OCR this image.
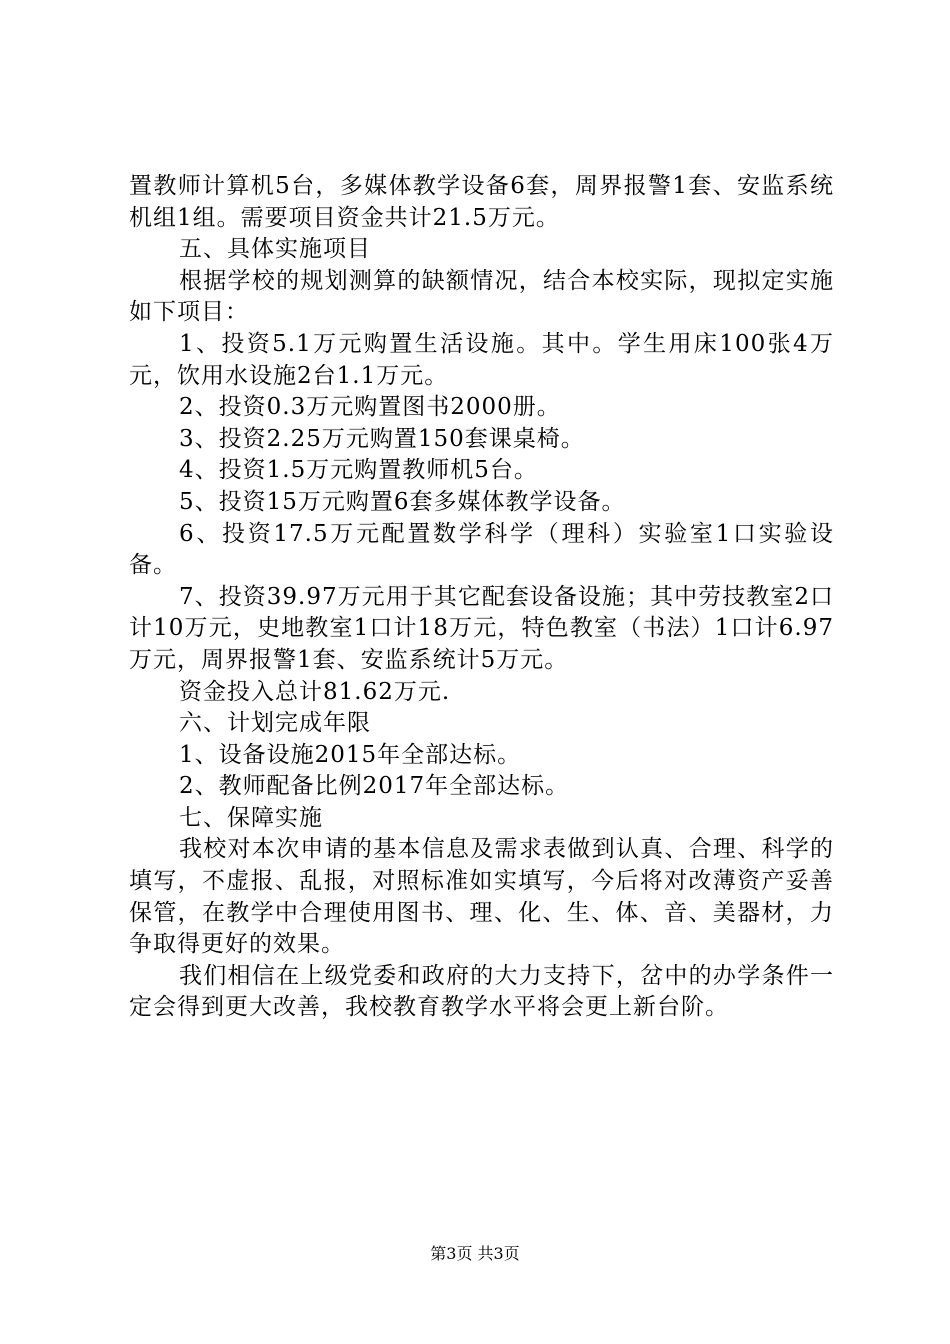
置教师计算机5台，多媒体教学设备6套，周界报警1套、安监系统机组1组。需要项目资金共计21.5万元。

五、具体实施项目

根据学校的规划测算的缺额情况，结合本校实际，现拟定实施如下项目：

1、投资5.1万元购置生活设施。其中。学生用床100张4万元，饮用水设施2台1.1万元。

2、投资0.3万元购置图书2000册。

3、投资2.25万元购置150套课桌椅。

4、投资1.5万元购置教师机5台。

5、投资15万元购置6套多媒体教学设备。

6、投资17.5万元配置数学科学（理科）实验室1口实验设备。

7、投资39.97万元用于其它配套设备设施；其中劳技教室2口计10万元，史地教室1口计18万元，特色教室（书法）1口计6.97万元，周界报警1套、安监系统计5万元。

资金投入总计81.62万元.

六、计划完成年限

1、设备设施2015年全部达标。

2、教师配备比例2017年全部达标。

七、保障实施

我校对本次申请的基本信息及需求表做到认真、合理、科学的填写，不虚报、乱报，对照标准如实填写，今后将对改薄资产妥善保管，在教学中合理使用图书、理、化、生、体、音、美器材，力争取得更好的效果。

我们相信在上级党委和政府的大力支持下，岔中的办学条件一定会得到更大改善，我校教育教学水平将会更上新台阶。

第3页 共3页
